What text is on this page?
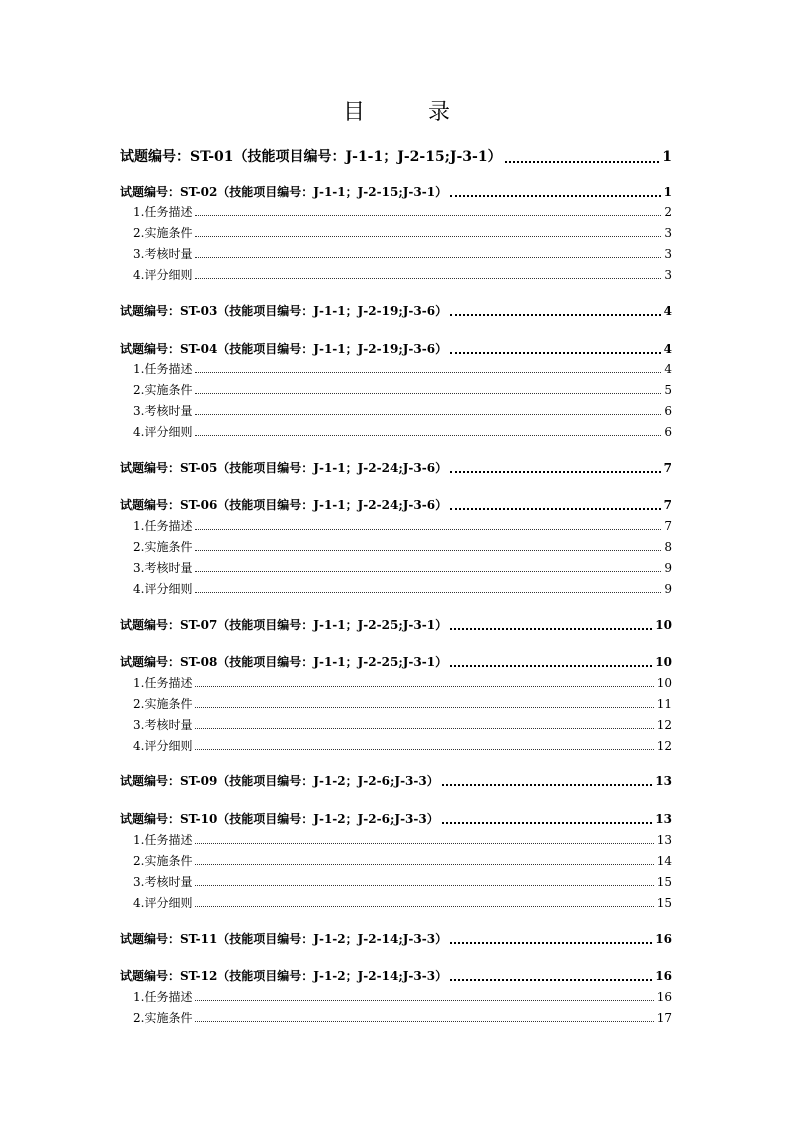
目 录
试题编号：ST-01（技能项目编号：J-1-1；J-2-15;J-3-1）	1
试题编号：ST-02（技能项目编号：J-1-1；J-2-15;J-3-1）	1
1.任务描述	2
2.实施条件	3
3.考核时量	3
4.评分细则	3
试题编号：ST-03（技能项目编号：J-1-1；J-2-19;J-3-6）	4
试题编号：ST-04（技能项目编号：J-1-1；J-2-19;J-3-6）	4
1.任务描述	4
2.实施条件	5
3.考核时量	6
4.评分细则	6
试题编号：ST-05（技能项目编号：J-1-1；J-2-24;J-3-6）	7
试题编号：ST-06（技能项目编号：J-1-1；J-2-24;J-3-6）	7
1.任务描述	7
2.实施条件	8
3.考核时量	9
4.评分细则	9
试题编号：ST-07（技能项目编号：J-1-1；J-2-25;J-3-1）	10
试题编号：ST-08（技能项目编号：J-1-1；J-2-25;J-3-1）	10
1.任务描述	10
2.实施条件	11
3.考核时量	12
4.评分细则	12
试题编号：ST-09（技能项目编号：J-1-2；J-2-6;J-3-3）	13
试题编号：ST-10（技能项目编号：J-1-2；J-2-6;J-3-3）	13
1.任务描述	13
2.实施条件	14
3.考核时量	15
4.评分细则	15
试题编号：ST-11（技能项目编号：J-1-2；J-2-14;J-3-3）	16
试题编号：ST-12（技能项目编号：J-1-2；J-2-14;J-3-3）	16
1.任务描述	16
2.实施条件	17
